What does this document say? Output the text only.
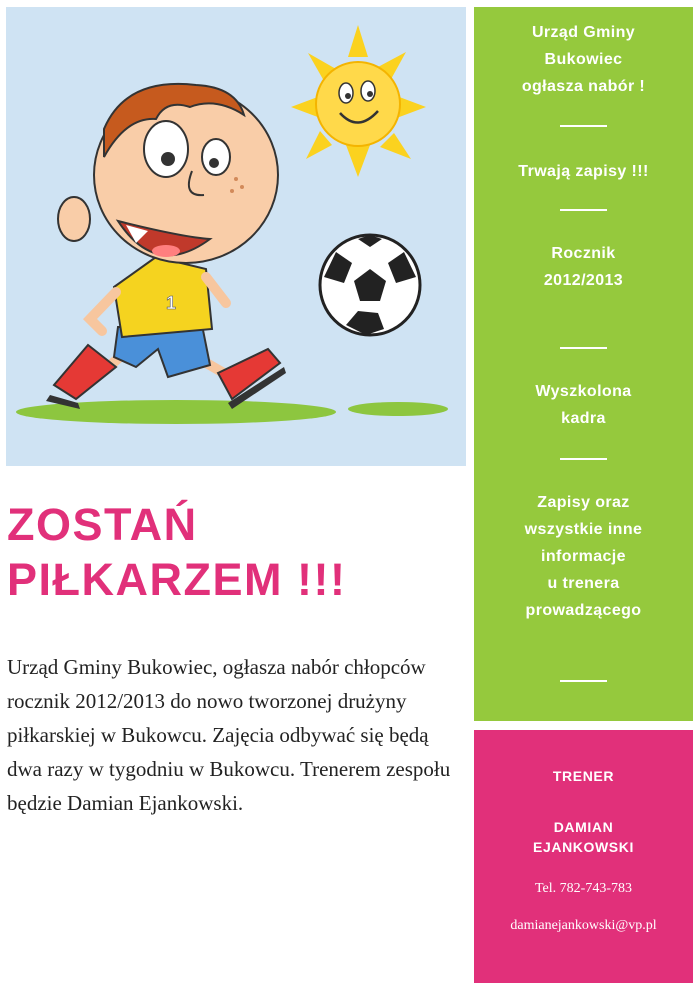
1
Urząd Gminy
Bukowiec
ogłasza nabór !
Trwają zapisy !!!
Rocznik
2012/2013
Wyszkolona
kadra
Zapisy oraz
wszystkie inne
informacje
u trenera
prowadzącego
TRENER
DAMIAN
EJANKOWSKI
Tel. 782-743-783
damianejankowski@vp.pl
ZOSTAŃ
PIŁKARZEM !!!
Urząd Gminy Bukowiec, ogłasza nabór chłopców rocznik 2012/2013 do nowo tworzonej drużyny piłkarskiej w Bukowcu. Zajęcia odbywać się będą dwa razy w tygodniu w Bukowcu. Trenerem zespołu będzie Damian Ejankowski.
